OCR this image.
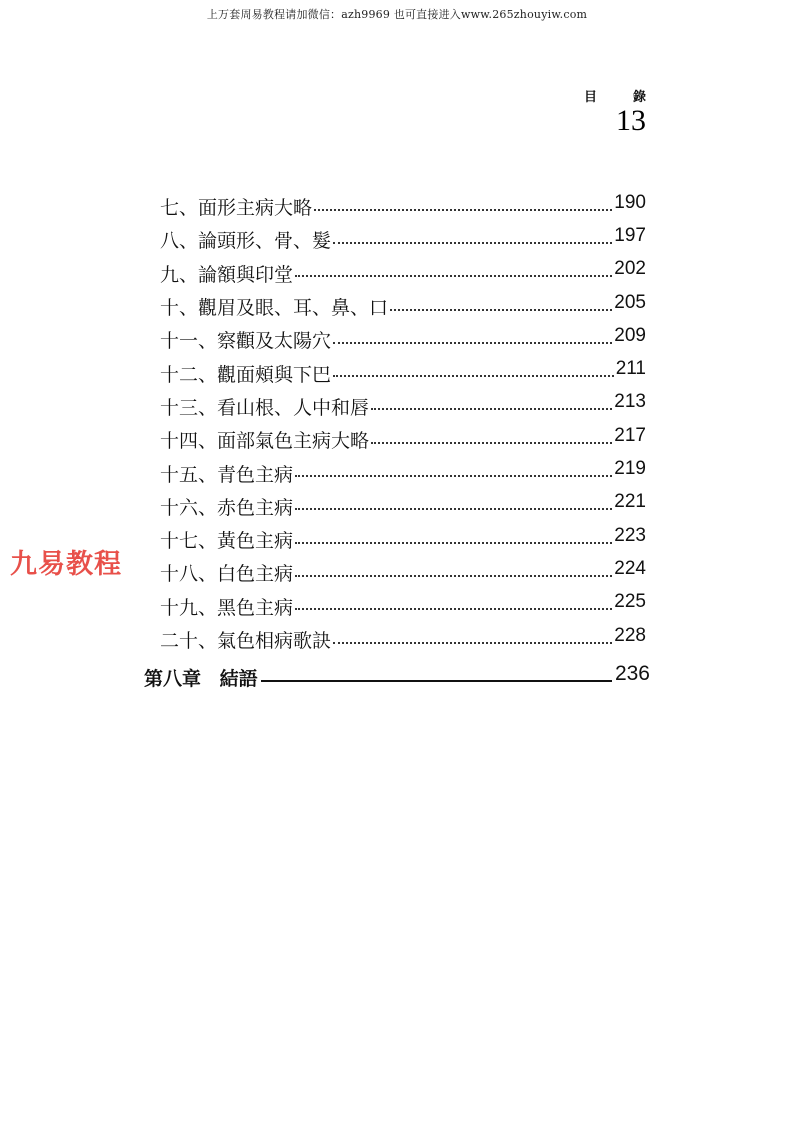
上万套周易教程请加微信：azh9969 也可直接进入www.265zhouyiw.com
目	錄
13
七、面形主病大略	190
八、論頭形、骨、髮	197
九、論額與印堂	202
十、觀眉及眼、耳、鼻、口	205
十一、察顴及太陽穴	209
十二、觀面頰與下巴	211
十三、看山根、人中和唇	213
十四、面部氣色主病大略	217
十五、青色主病	219
十六、赤色主病	221
十七、黃色主病	223
十八、白色主病	224
十九、黑色主病	225
二十、氣色相病歌訣	228
第八章 結語	236
九易教程
